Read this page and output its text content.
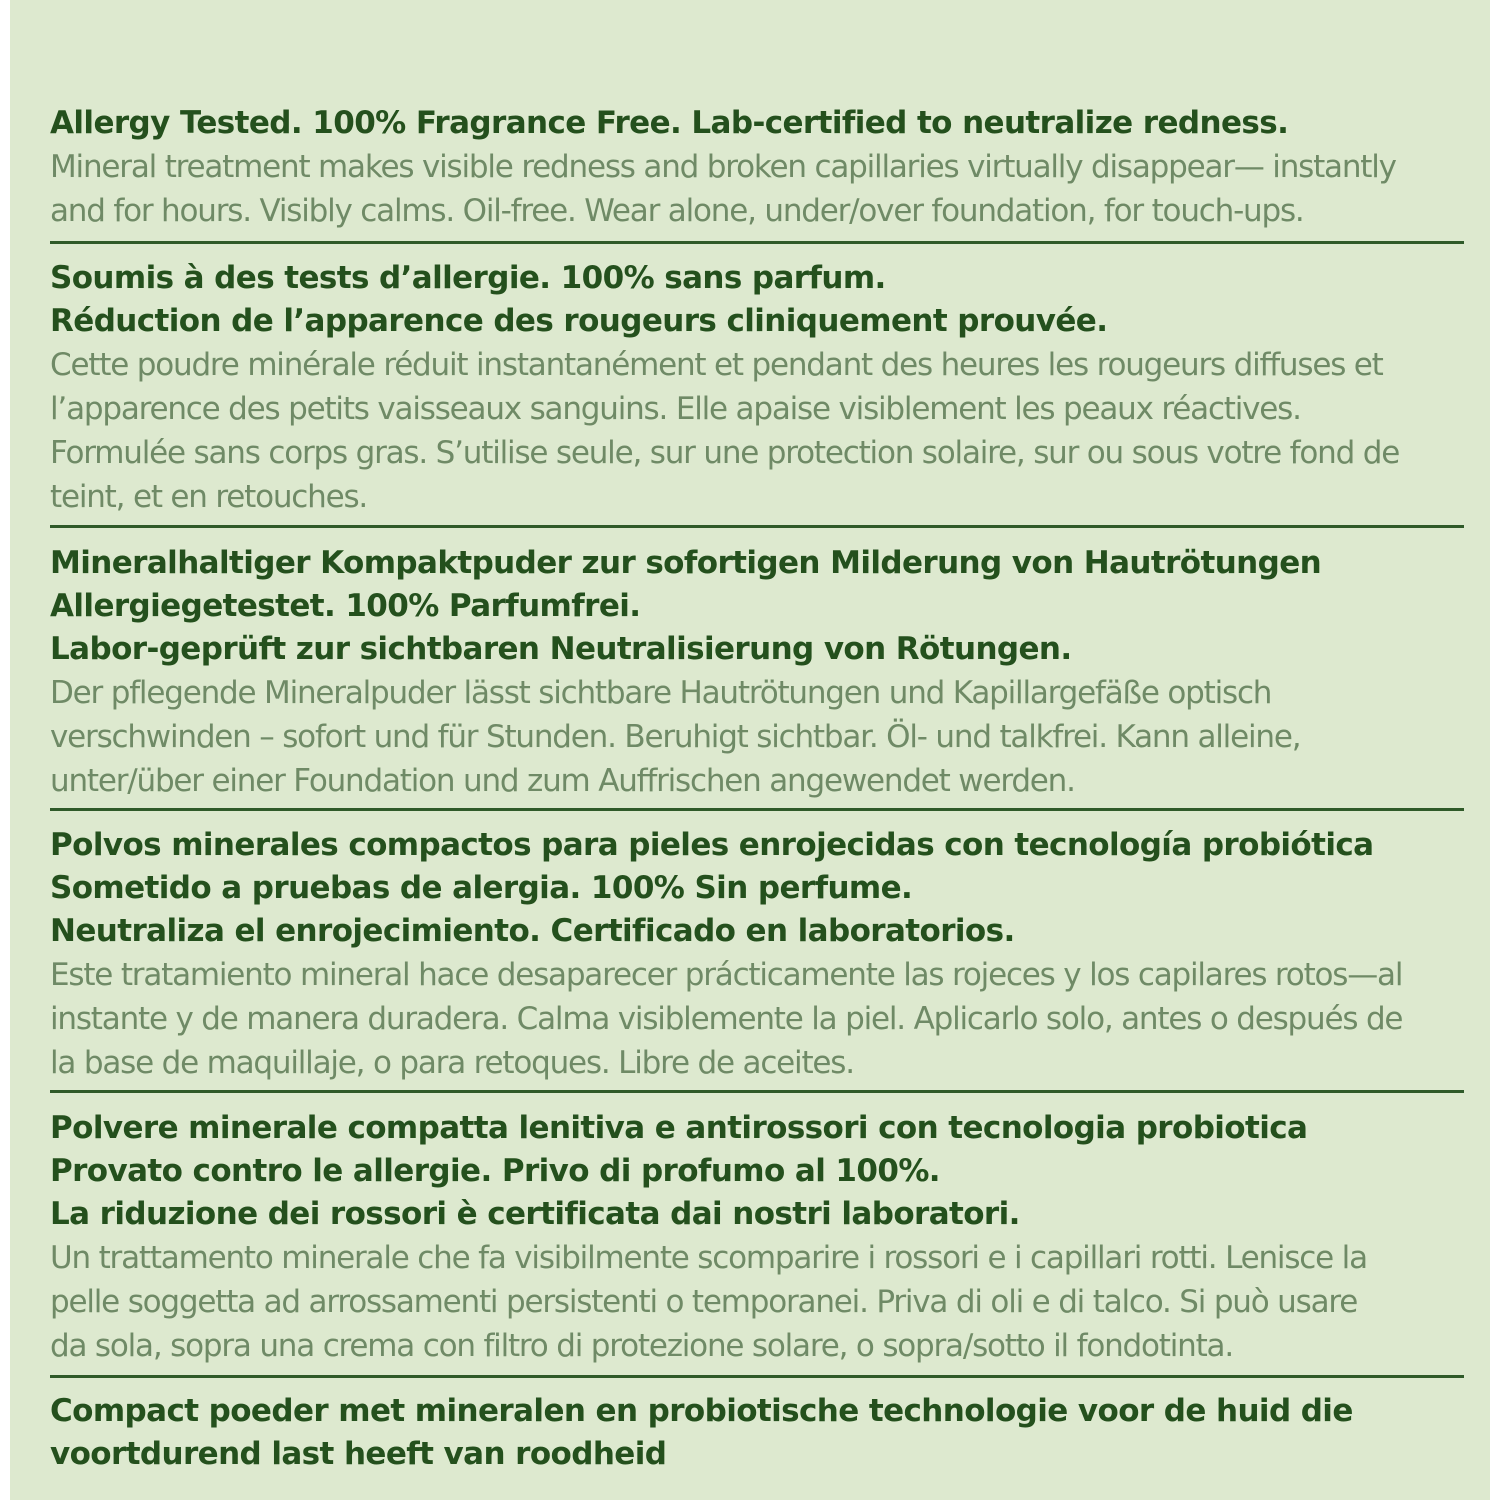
Allergy Tested. 100% Fragrance Free. Lab-certified to neutralize redness.
Mineral treatment makes visible redness and broken capillaries virtually disappear— instantly
and for hours. Visibly calms. Oil-free. Wear alone, under/over foundation, for touch-ups.
Soumis à des tests d’allergie. 100% sans parfum.
Réduction de l’apparence des rougeurs cliniquement prouvée.
Cette poudre minérale réduit instantanément et pendant des heures les rougeurs diffuses et
l’apparence des petits vaisseaux sanguins. Elle apaise visiblement les peaux réactives.
Formulée sans corps gras. S’utilise seule, sur une protection solaire, sur ou sous votre fond de
teint, et en retouches.
Mineralhaltiger Kompaktpuder zur sofortigen Milderung von Hautrötungen
Allergiegetestet. 100% Parfumfrei.
Labor-geprüft zur sichtbaren Neutralisierung von Rötungen.
Der pflegende Mineralpuder lässt sichtbare Hautrötungen und Kapillargefäße optisch
verschwinden – sofort und für Stunden. Beruhigt sichtbar. Öl- und talkfrei. Kann alleine,
unter/über einer Foundation und zum Auffrischen angewendet werden.
Polvos minerales compactos para pieles enrojecidas con tecnología probiótica
Sometido a pruebas de alergia. 100% Sin perfume.
Neutraliza el enrojecimiento. Certificado en laboratorios.
Este tratamiento mineral hace desaparecer prácticamente las rojeces y los capilares rotos—al
instante y de manera duradera. Calma visiblemente la piel. Aplicarlo solo, antes o después de
la base de maquillaje, o para retoques. Libre de aceites.
Polvere minerale compatta lenitiva e antirossori con tecnologia probiotica
Provato contro le allergie. Privo di profumo al 100%.
La riduzione dei rossori è certificata dai nostri laboratori.
Un trattamento minerale che fa visibilmente scomparire i rossori e i capillari rotti. Lenisce la
pelle soggetta ad arrossamenti persistenti o temporanei. Priva di oli e di talco. Si può usare
da sola, sopra una crema con filtro di protezione solare, o sopra/sotto il fondotinta.
Compact poeder met mineralen en probiotische technologie voor de huid die
voortdurend last heeft van roodheid
